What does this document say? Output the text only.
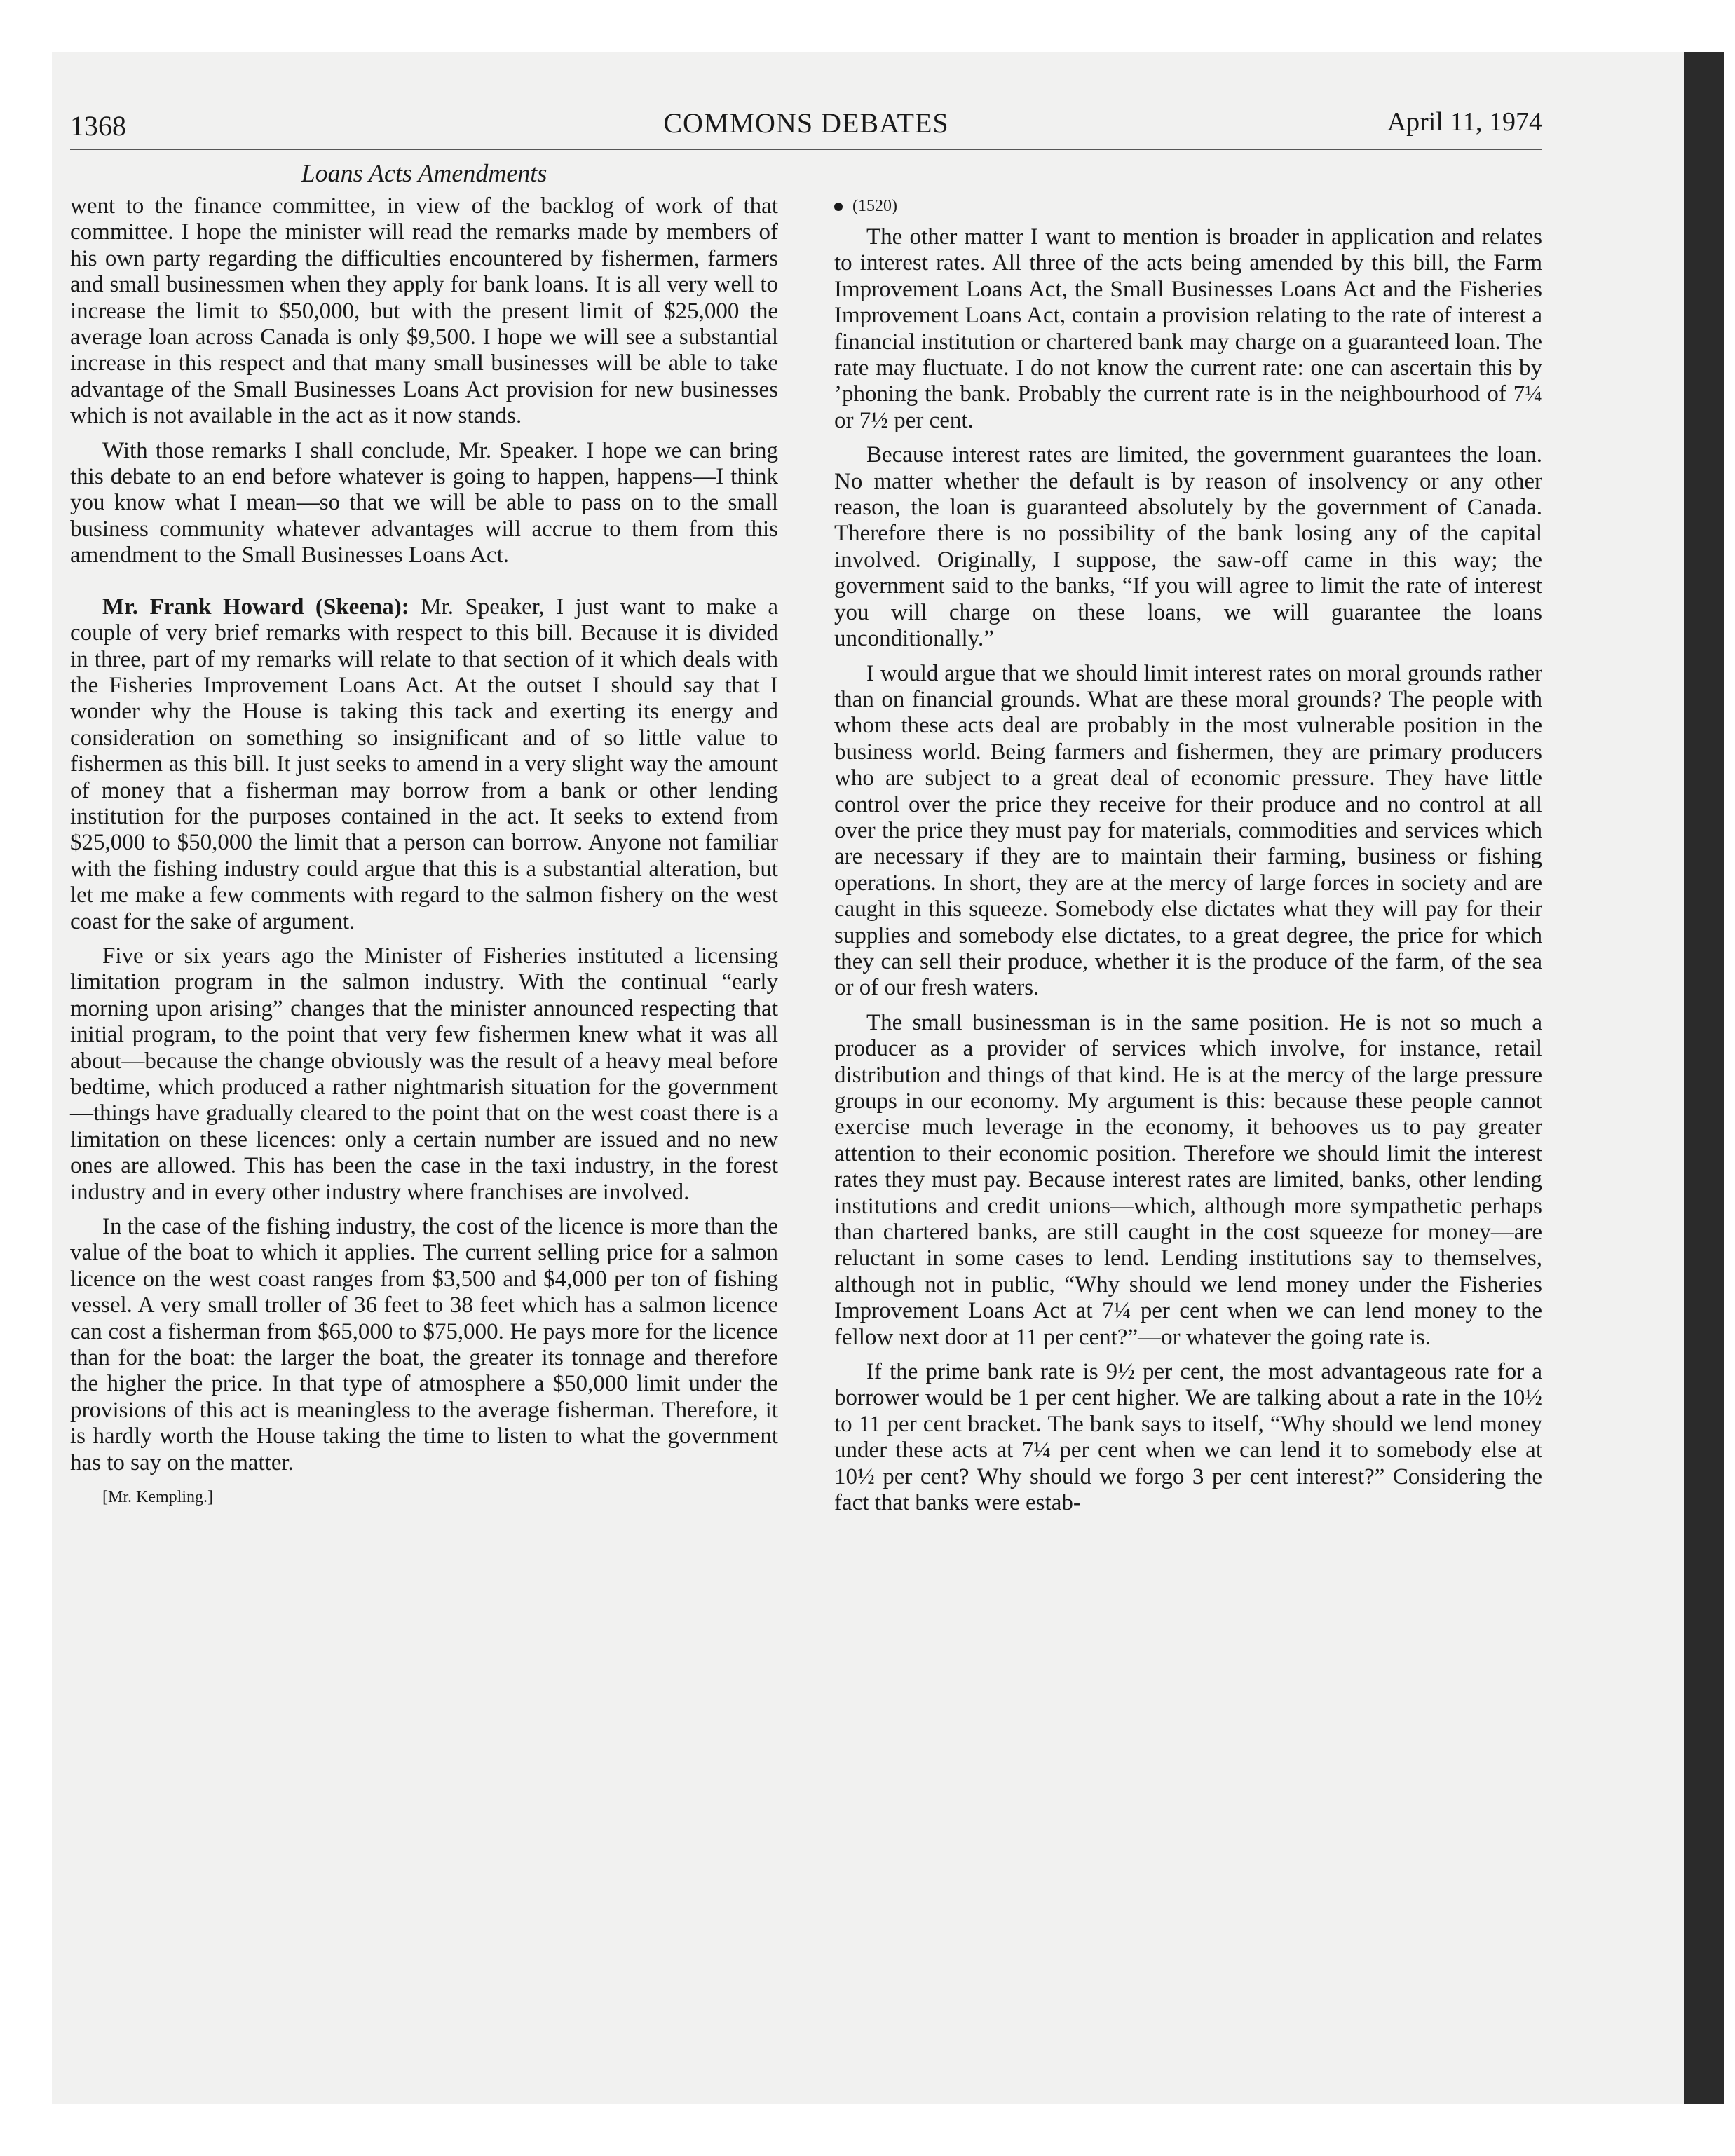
1368	COMMONS DEBATES	April 11, 1974
Loans Acts Amendments

went to the finance committee, in view of the backlog of work of that committee. I hope the minister will read the remarks made by members of his own party regarding the difficulties encountered by fishermen, farmers and small businessmen when they apply for bank loans. It is all very well to increase the limit to $50,000, but with the present limit of $25,000 the average loan across Canada is only $9,500. I hope we will see a substantial increase in this respect and that many small businesses will be able to take advantage of the Small Businesses Loans Act provision for new businesses which is not available in the act as it now stands.

With those remarks I shall conclude, Mr. Speaker. I hope we can bring this debate to an end before whatever is going to happen, happens—I think you know what I mean—so that we will be able to pass on to the small business community whatever advantages will accrue to them from this amendment to the Small Businesses Loans Act.

Mr. Frank Howard (Skeena): Mr. Speaker, I just want to make a couple of very brief remarks with respect to this bill. Because it is divided in three, part of my remarks will relate to that section of it which deals with the Fisheries Improvement Loans Act. At the outset I should say that I wonder why the House is taking this tack and exerting its energy and consideration on something so insignificant and of so little value to fishermen as this bill. It just seeks to amend in a very slight way the amount of money that a fisherman may borrow from a bank or other lending institution for the purposes contained in the act. It seeks to extend from $25,000 to $50,000 the limit that a person can borrow. Anyone not familiar with the fishing industry could argue that this is a substantial alteration, but let me make a few comments with regard to the salmon fishery on the west coast for the sake of argument.

Five or six years ago the Minister of Fisheries instituted a licensing limitation program in the salmon industry. With the continual “early morning upon arising” changes that the minister announced respecting that initial program, to the point that very few fishermen knew what it was all about—because the change obviously was the result of a heavy meal before bedtime, which produced a rather nightmarish situation for the government—things have gradually cleared to the point that on the west coast there is a limitation on these licences: only a certain number are issued and no new ones are allowed. This has been the case in the taxi industry, in the forest industry and in every other industry where franchises are involved.

In the case of the fishing industry, the cost of the licence is more than the value of the boat to which it applies. The current selling price for a salmon licence on the west coast ranges from $3,500 and $4,000 per ton of fishing vessel. A very small troller of 36 feet to 38 feet which has a salmon licence can cost a fisherman from $65,000 to $75,000. He pays more for the licence than for the boat: the larger the boat, the greater its tonnage and therefore the higher the price. In that type of atmosphere a $50,000 limit under the provisions of this act is meaningless to the average fisherman. Therefore, it is hardly worth the House taking the time to listen to what the government has to say on the matter.

[Mr. Kempling.]

(1520)

The other matter I want to mention is broader in application and relates to interest rates. All three of the acts being amended by this bill, the Farm Improvement Loans Act, the Small Businesses Loans Act and the Fisheries Improvement Loans Act, contain a provision relating to the rate of interest a financial institution or chartered bank may charge on a guaranteed loan. The rate may fluctuate. I do not know the current rate: one can ascertain this by ’phoning the bank. Probably the current rate is in the neighbourhood of 7¼ or 7½ per cent.

Because interest rates are limited, the government guarantees the loan. No matter whether the default is by reason of insolvency or any other reason, the loan is guaranteed absolutely by the government of Canada. Therefore there is no possibility of the bank losing any of the capital involved. Originally, I suppose, the saw-off came in this way; the government said to the banks, “If you will agree to limit the rate of interest you will charge on these loans, we will guarantee the loans unconditionally.”

I would argue that we should limit interest rates on moral grounds rather than on financial grounds. What are these moral grounds? The people with whom these acts deal are probably in the most vulnerable position in the business world. Being farmers and fishermen, they are primary producers who are subject to a great deal of economic pressure. They have little control over the price they receive for their produce and no control at all over the price they must pay for materials, commodities and services which are necessary if they are to maintain their farming, business or fishing operations. In short, they are at the mercy of large forces in society and are caught in this squeeze. Somebody else dictates what they will pay for their supplies and somebody else dictates, to a great degree, the price for which they can sell their produce, whether it is the produce of the farm, of the sea or of our fresh waters.

The small businessman is in the same position. He is not so much a producer as a provider of services which involve, for instance, retail distribution and things of that kind. He is at the mercy of the large pressure groups in our economy. My argument is this: because these people cannot exercise much leverage in the economy, it behooves us to pay greater attention to their economic position. Therefore we should limit the interest rates they must pay. Because interest rates are limited, banks, other lending institutions and credit unions—which, although more sympathetic perhaps than chartered banks, are still caught in the cost squeeze for money—are reluctant in some cases to lend. Lending institutions say to themselves, although not in public, “Why should we lend money under the Fisheries Improvement Loans Act at 7¼ per cent when we can lend money to the fellow next door at 11 per cent?”—or whatever the going rate is.

If the prime bank rate is 9½ per cent, the most advantageous rate for a borrower would be 1 per cent higher. We are talking about a rate in the 10½ to 11 per cent bracket. The bank says to itself, “Why should we lend money under these acts at 7¼ per cent when we can lend it to somebody else at 10½ per cent? Why should we forgo 3 per cent interest?” Considering the fact that banks were estab-
